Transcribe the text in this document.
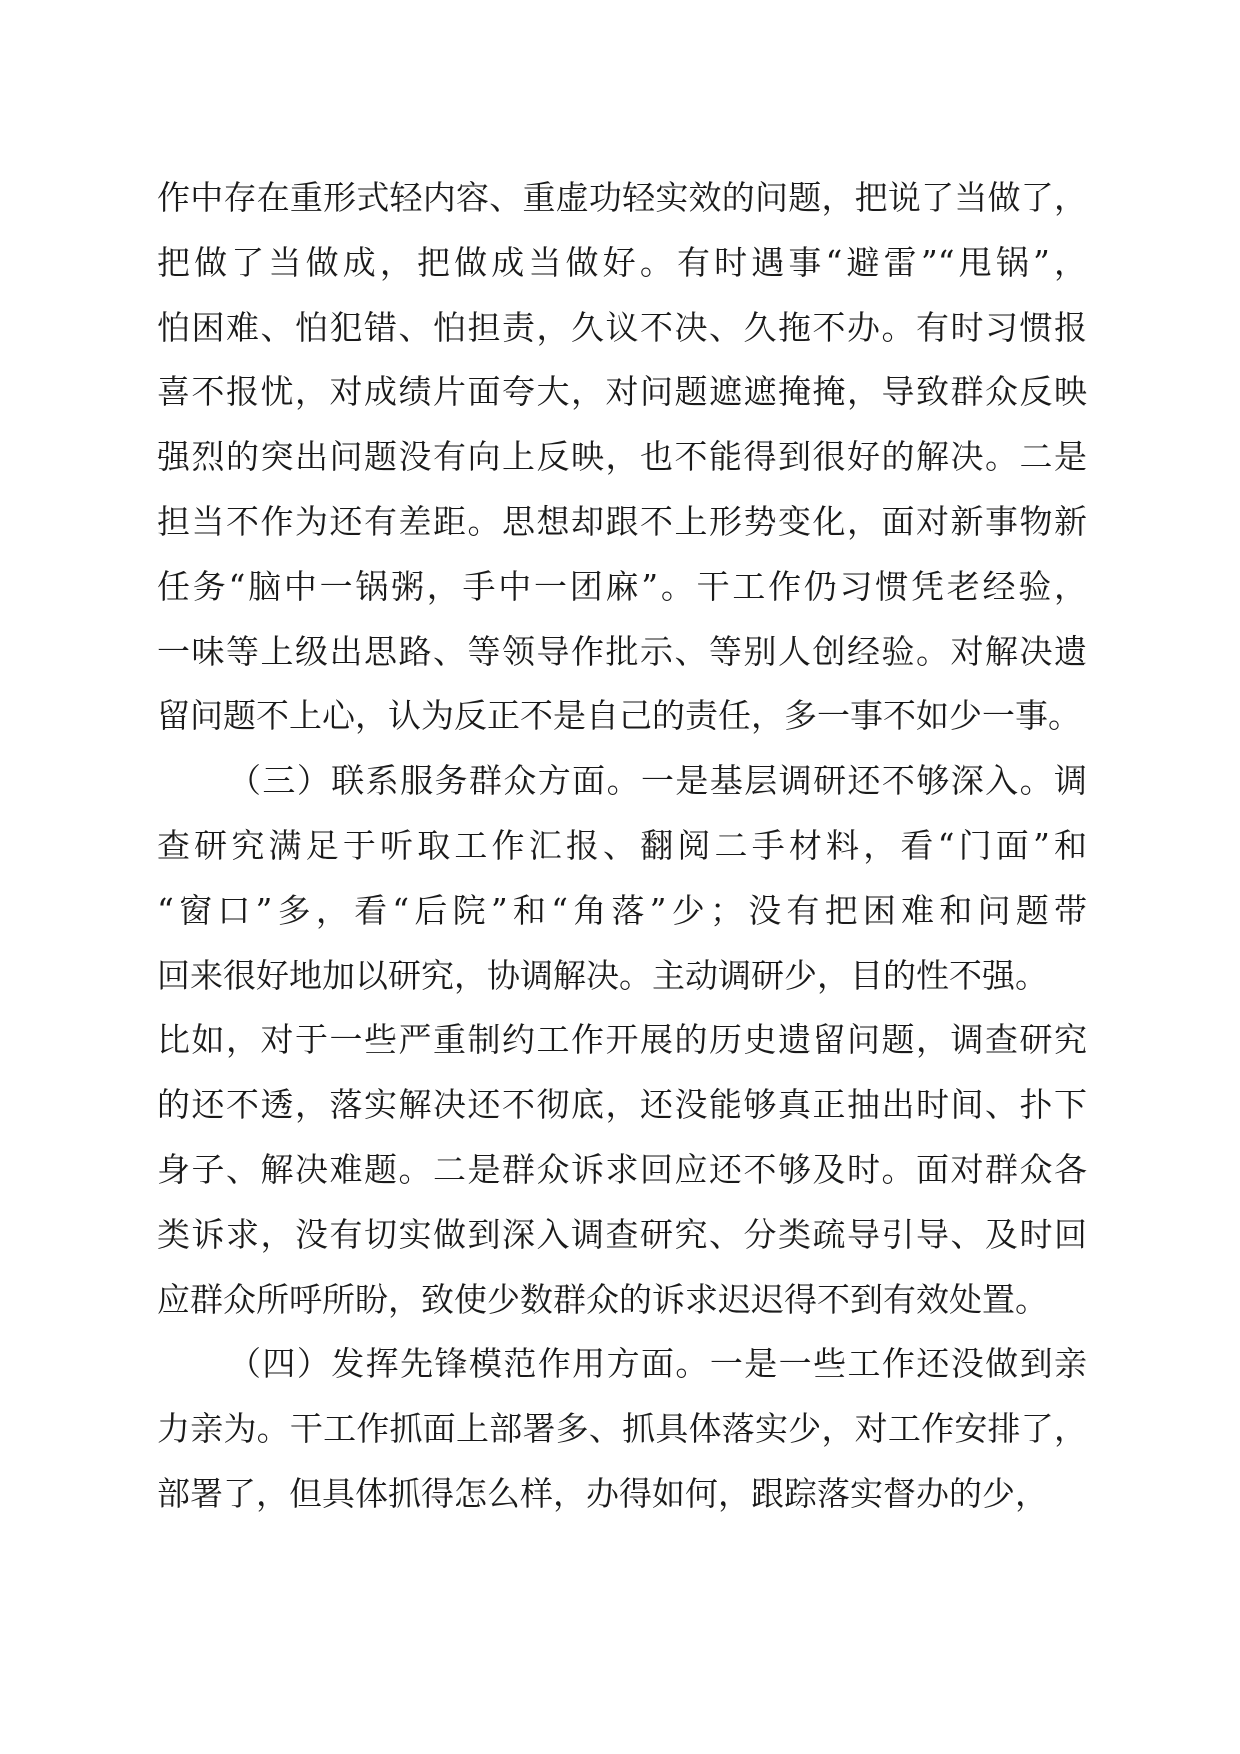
作中存在重形式轻内容、重虚功轻实效的问题，把说了当做了，
把做了当做成，把做成当做好。有时遇事“避雷”“甩锅”，
怕困难、怕犯错、怕担责，久议不决、久拖不办。有时习惯报
喜不报忧，对成绩片面夸大，对问题遮遮掩掩，导致群众反映
强烈的突出问题没有向上反映，也不能得到很好的解决。二是
担当不作为还有差距。思想却跟不上形势变化，面对新事物新
任务“脑中一锅粥，手中一团麻”。干工作仍习惯凭老经验，
一味等上级出思路、等领导作批示、等别人创经验。对解决遗
留问题不上心，认为反正不是自己的责任，多一事不如少一事。
（三）联系服务群众方面。一是基层调研还不够深入。调
查研究满足于听取工作汇报、翻阅二手材料，看“门面”和
“窗口”多，看“后院”和“角落”少；没有把困难和问题带
回来很好地加以研究，协调解决。主动调研少，目的性不强。
比如，对于一些严重制约工作开展的历史遗留问题，调查研究
的还不透，落实解决还不彻底，还没能够真正抽出时间、扑下
身子、解决难题。二是群众诉求回应还不够及时。面对群众各
类诉求，没有切实做到深入调查研究、分类疏导引导、及时回
应群众所呼所盼，致使少数群众的诉求迟迟得不到有效处置。
（四）发挥先锋模范作用方面。一是一些工作还没做到亲
力亲为。干工作抓面上部署多、抓具体落实少，对工作安排了，
部署了，但具体抓得怎么样，办得如何，跟踪落实督办的少，
